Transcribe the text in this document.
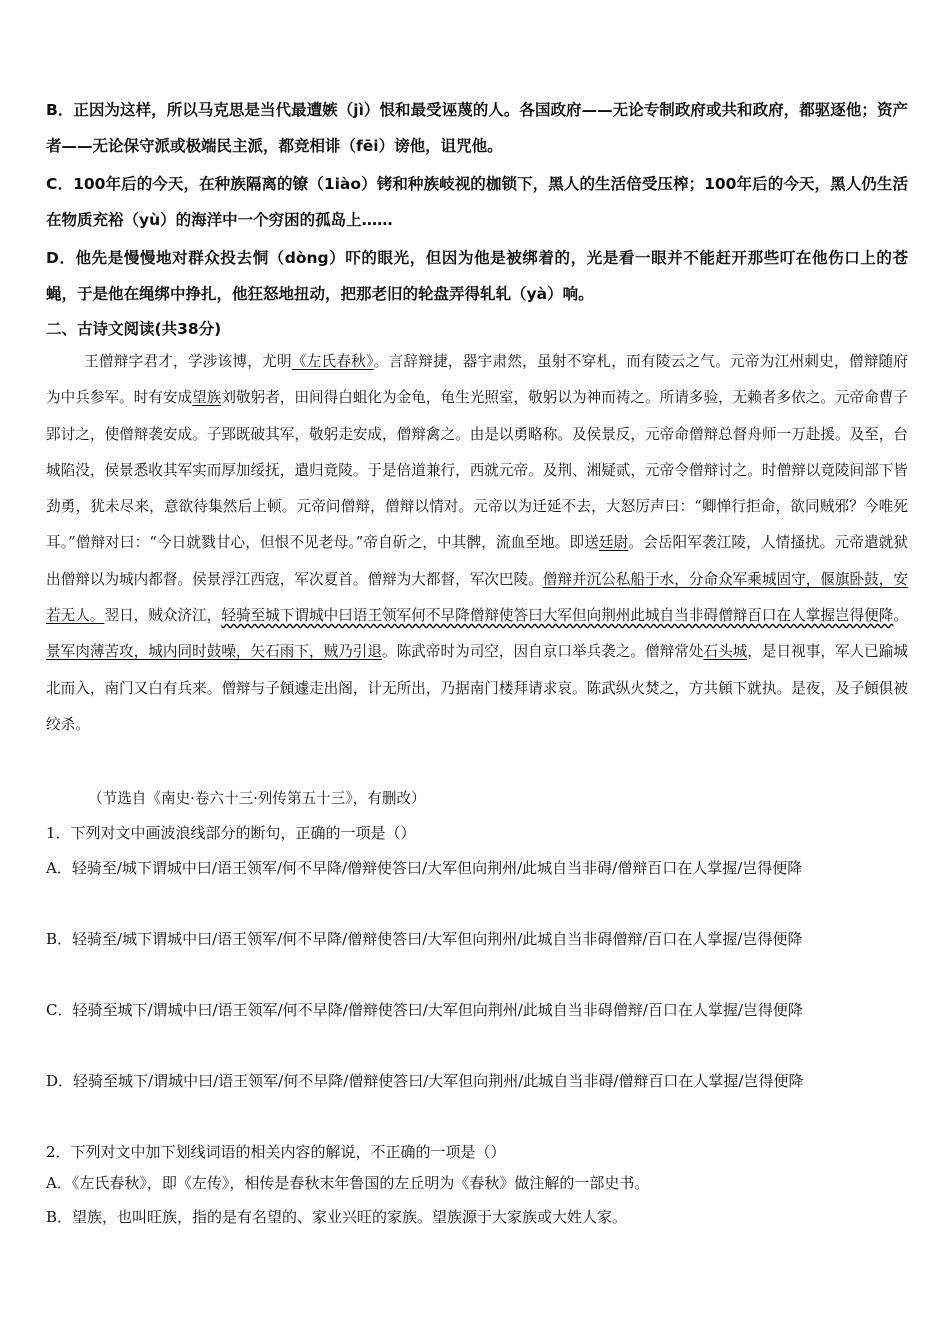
B．正因为这样，所以马克思是当代最遭嫉（jì）恨和最受诬蔑的人。各国政府——无论专制政府或共和政府，都驱逐他；资产者——无论保守派或极端民主派，都竞相诽（fēi）谤他，诅咒他。

C．100年后的今天，在种族隔离的镣（1iào）铐和种族岐视的枷锁下，黑人的生活倍受压榨；100年后的今天，黑人仍生活在物质充裕（yù）的海洋中一个穷困的孤岛上……

D．他先是慢慢地对群众投去恫（dòng）吓的眼光，但因为他是被绑着的，光是看一眼并不能赶开那些叮在他伤口上的苍蝇，于是他在绳绑中挣扎，他狂怒地扭动，把那老旧的轮盘弄得轧轧（yà）响。

二、古诗文阅读(共38分)

王僧辩字君才，学涉该博，尤明《左氏春秋》。言辞辩捷，器宇肃然，虽射不穿札，而有陵云之气。元帝为江州刺史，僧辩随府为中兵参军。时有安成望族刘敬躬者，田间得白蛆化为金龟，龟生光照室，敬躬以为神而祷之。所请多验，无赖者多依之。元帝命曹子郢讨之，使僧辩袭安成。子郢既破其军，敬躬走安成，僧辩禽之。由是以勇略称。及侯景反，元帝命僧辩总督舟师一万赴援。及至，台城陷没，侯景悉收其军实而厚加绥抚，遣归竟陵。于是倍道兼行，西就元帝。及荆、湘疑贰，元帝令僧辩讨之。时僧辩以竟陵间部下皆劲勇，犹未尽来，意欲待集然后上顿。元帝问僧辩，僧辩以情对。元帝以为迁延不去，大怒厉声曰：“卿惮行拒命，欲同贼邪？今唯死耳。”僧辩对曰：“今日就戮甘心，但恨不见老母。”帝自斫之，中其髀，流血至地。即送廷尉。会岳阳军袭江陵，人情搔扰。元帝遣就狱出僧辩以为城内都督。侯景浮江西寇，军次夏首。僧辩为大都督，军次巴陵。僧辩并沉公私船于水，分命众军乘城固守，偃旗卧鼓，安若无人。翌日，贼众济江，轻骑至城下谓城中曰语王领军何不早降僧辩使答曰大军但向荆州此城自当非碍僧辩百口在人掌握岂得便降。景军肉薄苦攻，城内同时鼓噪，矢石雨下，贼乃引退。陈武帝时为司空，因自京口举兵袭之。僧辩常处石头城，是日视事，军人已踰城北而入，南门又白有兵来。僧辩与子頠遽走出阁，计无所出，乃据南门楼拜请求哀。陈武纵火焚之，方共頠下就执。是夜，及子頠俱被绞杀。

（节选自《南史·卷六十三·列传第五十三》，有删改）

1．下列对文中画波浪线部分的断句，正确的一项是（）

A．轻骑至/城下谓城中曰/语王领军/何不早降/僧辩使答曰/大军但向荆州/此城自当非碍/僧辩百口在人掌握/岂得便降

B．轻骑至/城下谓城中曰/语王领军/何不早降/僧辩使答曰/大军但向荆州/此城自当非碍僧辩/百口在人掌握/岂得便降

C．轻骑至城下/谓城中曰/语王领军/何不早降/僧辩使答曰/大军但向荆州/此城自当非碍僧辩/百口在人掌握/岂得便降

D．轻骑至城下/谓城中曰/语王领军/何不早降/僧辩使答曰/大军但向荆州/此城自当非碍/僧辩百口在人掌握/岂得便降

2．下列对文中加下划线词语的相关内容的解说，不正确的一项是（）

A．《左氏春秋》，即《左传》，相传是春秋末年鲁国的左丘明为《春秋》做注解的一部史书。

B．望族，也叫旺族，指的是有名望的、家业兴旺的家族。望族源于大家族或大姓人家。
